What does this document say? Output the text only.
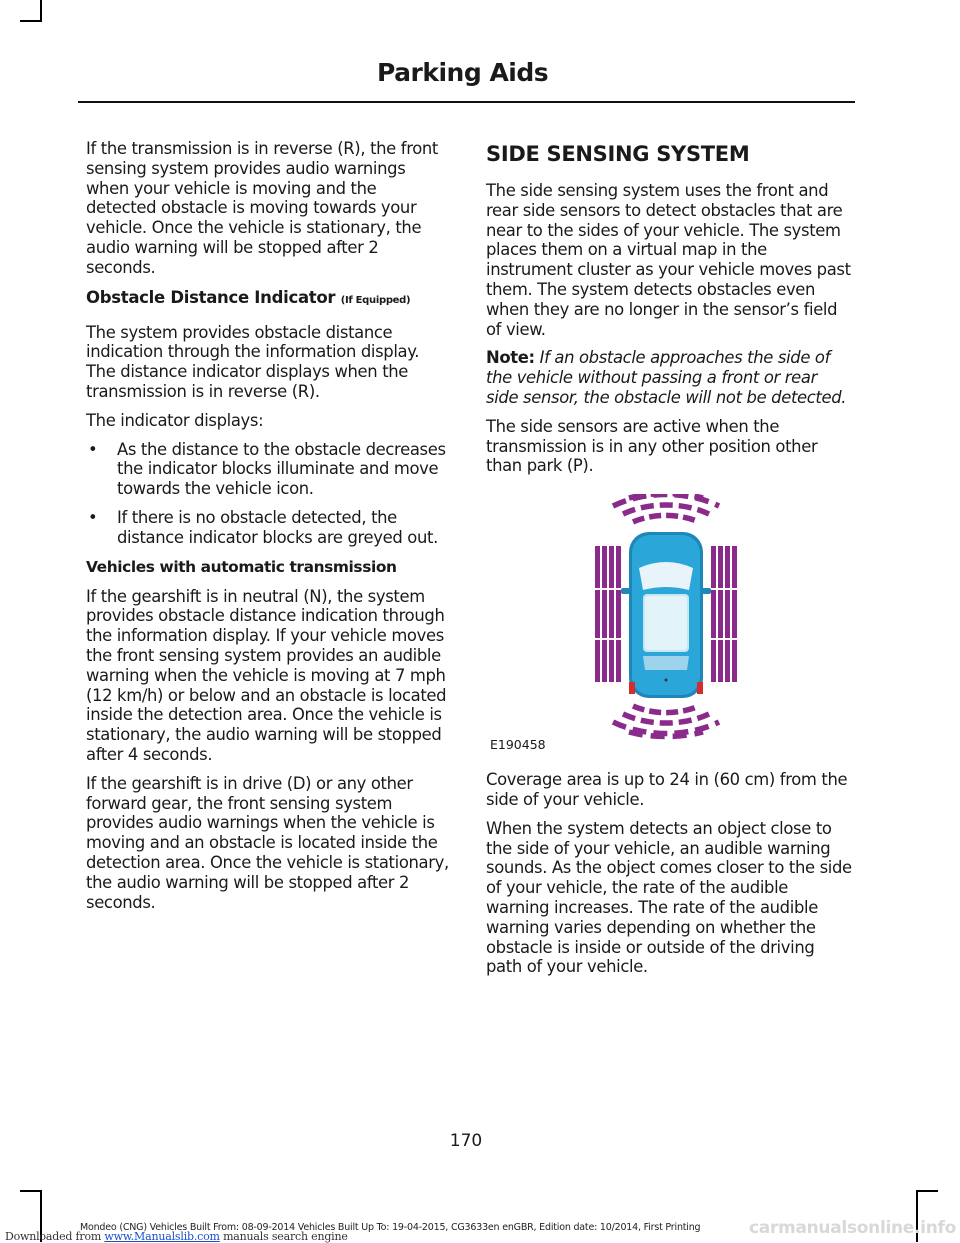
Parking Aids

If the transmission is in reverse (R), the front sensing system provides audio warnings when your vehicle is moving and the detected obstacle is moving towards your vehicle. Once the vehicle is stationary, the audio warning will be stopped after 2 seconds.

Obstacle Distance Indicator (If Equipped)

The system provides obstacle distance indication through the information display. The distance indicator displays when the transmission is in reverse (R).

The indicator displays:

• As the distance to the obstacle decreases the indicator blocks illuminate and move towards the vehicle icon.
• If there is no obstacle detected, the distance indicator blocks are greyed out.
Vehicles with automatic transmission

If the gearshift is in neutral (N), the system provides obstacle distance indication through the information display. If your vehicle moves the front sensing system provides an audible warning when the vehicle is moving at 7 mph (12 km/h) or below and an obstacle is located inside the detection area. Once the vehicle is stationary, the audio warning will be stopped after 4 seconds.

If the gearshift is in drive (D) or any other forward gear, the front sensing system provides audio warnings when the vehicle is moving and an obstacle is located inside the detection area. Once the vehicle is stationary, the audio warning will be stopped after 2 seconds.

SIDE SENSING SYSTEM

The side sensing system uses the front and rear side sensors to detect obstacles that are near to the sides of your vehicle. The system places them on a virtual map in the instrument cluster as your vehicle moves past them. The system detects obstacles even when they are no longer in the sensor’s field of view.

Note: If an obstacle approaches the side of the vehicle without passing a front or rear side sensor, the obstacle will not be detected.

The side sensors are active when the transmission is in any other position other than park (P).

E190458

Coverage area is up to 24 in (60 cm) from the side of your vehicle.

When the system detects an object close to the side of your vehicle, an audible warning sounds. As the object comes closer to the side of your vehicle, the rate of the audible warning increases. The rate of the audible warning varies depending on whether the obstacle is inside or outside of the driving path of your vehicle.

170
Downloaded from www.Manualslib.com manuals search engine
Mondeo (CNG) Vehicles Built From: 08-09-2014 Vehicles Built Up To: 19-04-2015, CG3633en enGBR, Edition date: 10/2014, First Printing	carmanualsonline.info
